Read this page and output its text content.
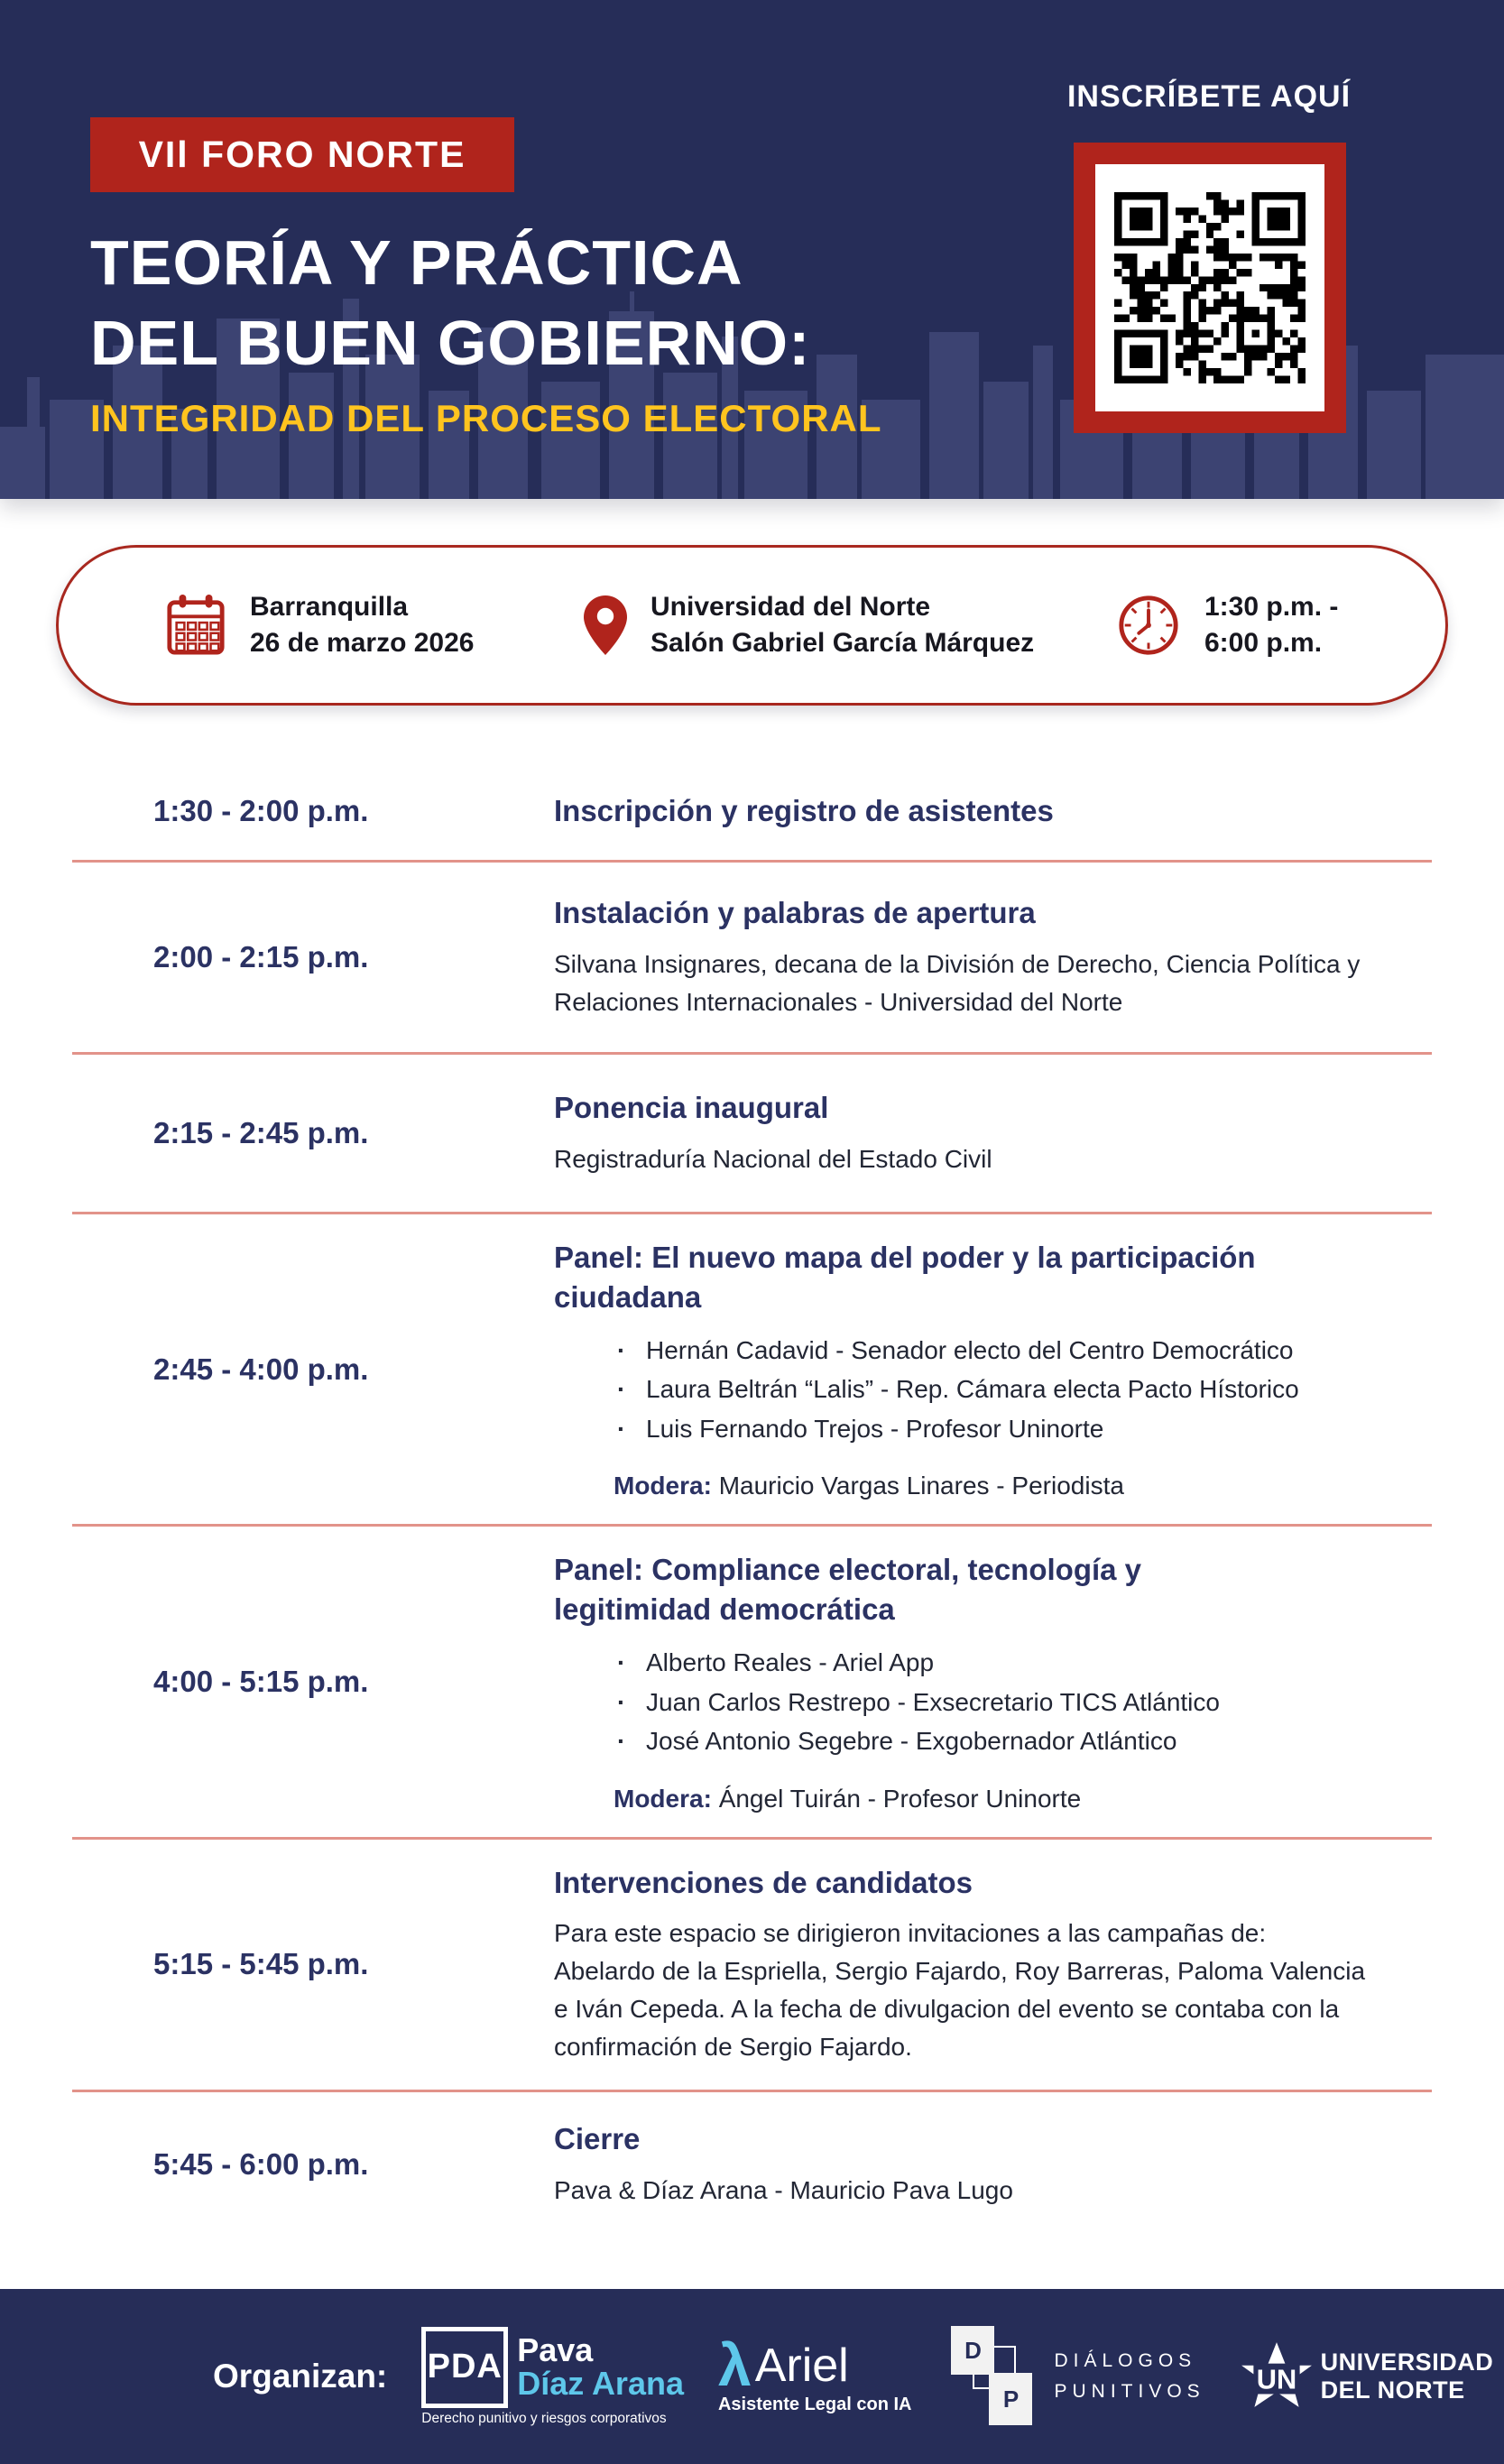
VIl FORO NORTE
TEORÍA Y PRÁCTICA
DEL BUEN GOBIERNO:
INTEGRIDAD DEL PROCESO ELECTORAL
INSCRÍBETE AQUÍ
Barranquilla
26 de marzo 2026
Universidad del Norte
Salón Gabriel García Márquez
1:30 p.m. -
6:00 p.m.
1:30 - 2:00 p.m.	Inscripción y registro de asistentes
2:00 - 2:15 p.m.
Instalación y palabras de apertura
Silvana Insignares, decana de la División de Derecho, Ciencia Política y Relaciones Internacionales - Universidad del Norte
2:15 - 2:45 p.m.
Ponencia inaugural
Registraduría Nacional del Estado Civil
2:45 - 4:00 p.m.
Panel: El nuevo mapa del poder y la participación ciudadana
· Hernán Cadavid - Senador electo del Centro Democrático
· Laura Beltrán “Lalis” - Rep. Cámara electa Pacto Hístorico
· Luis Fernando Trejos - Profesor Uninorte
Modera: Mauricio Vargas Linares - Periodista
4:00 - 5:15 p.m.
Panel: Compliance electoral, tecnología y legitimidad democrática
· Alberto Reales - Ariel App
· Juan Carlos Restrepo - Exsecretario TICS Atlántico
· José Antonio Segebre - Exgobernador Atlántico
Modera: Ángel Tuirán - Profesor Uninorte
5:15 - 5:45 p.m.
Intervenciones de candidatos
Para este espacio se dirigieron invitaciones a las campañas de: Abelardo de la Espriella, Sergio Fajardo, Roy Barreras, Paloma Valencia e Iván Cepeda. A la fecha de divulgacion del evento se contaba con la confirmación de Sergio Fajardo.
5:45 - 6:00 p.m.
Cierre
Pava & Díaz Arana - Mauricio Pava Lugo
Organizan: PDA Pava
Díaz Arana
Derecho punitivo y riesgos corporativos
λ Ariel
Asistente Legal con IA
D
P
DIÁLOGOS
PUNITIVOS UN
UNIVERSIDAD
DEL NORTE
